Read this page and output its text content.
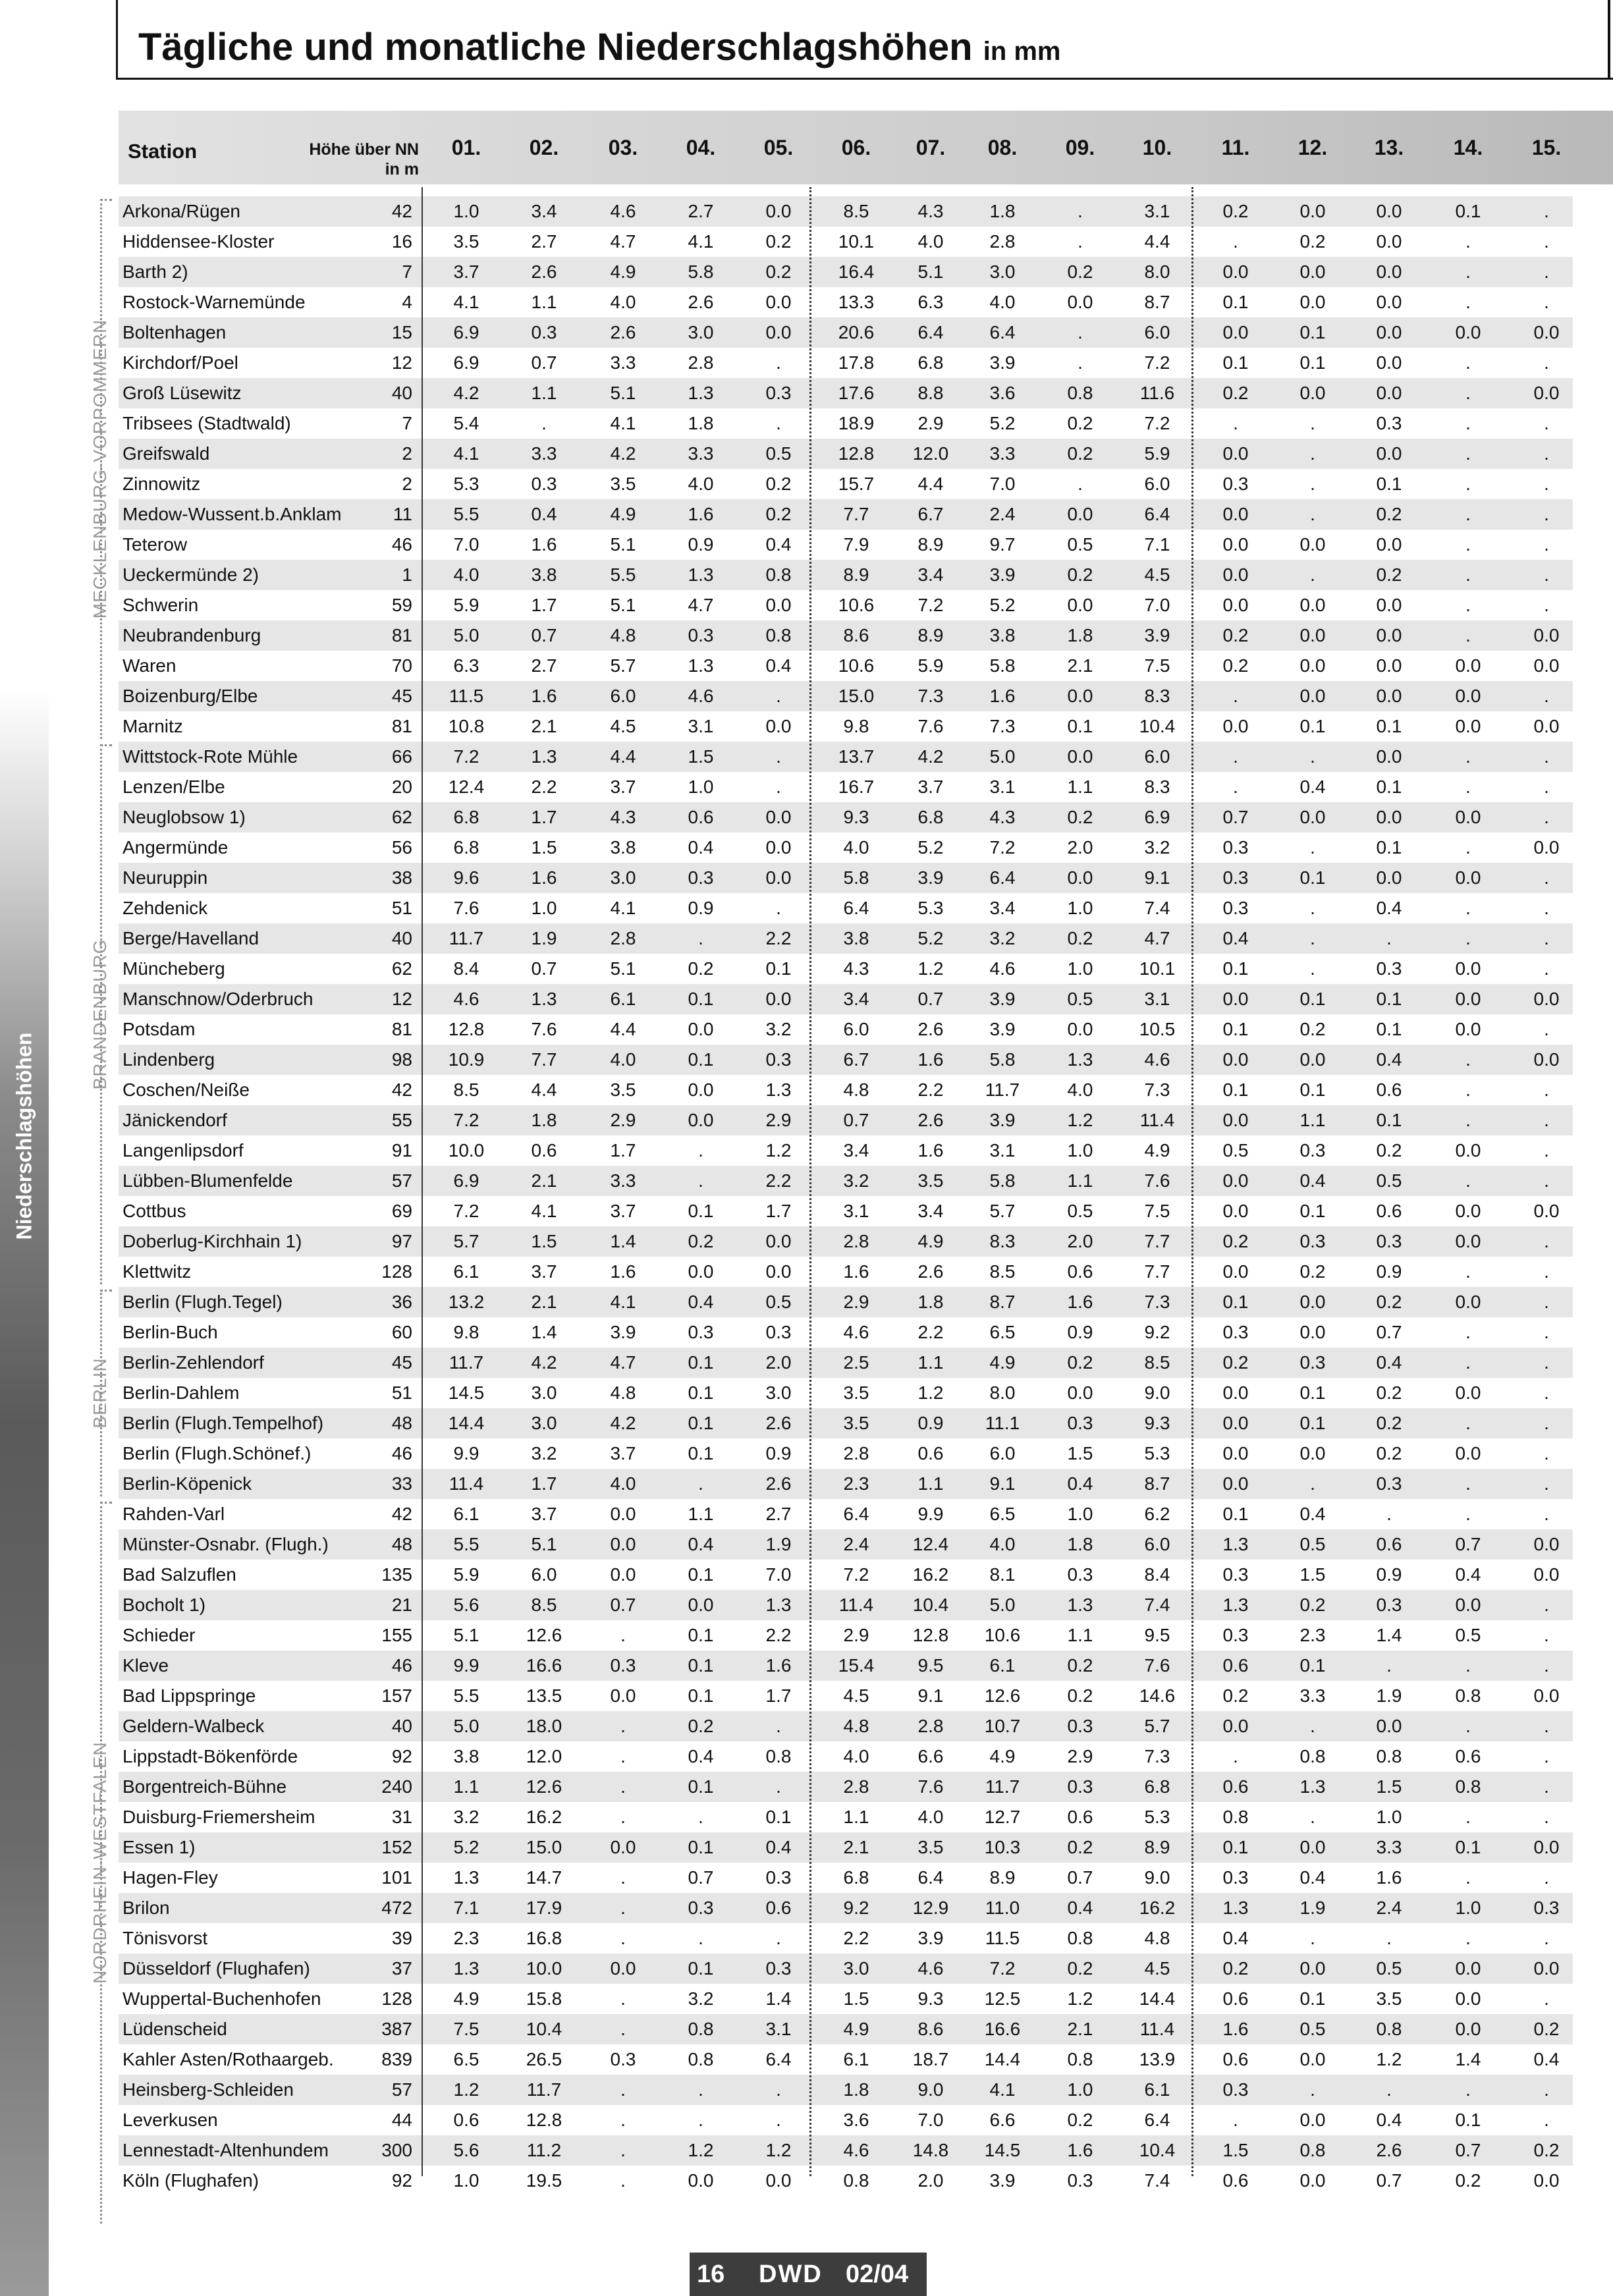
Niederschlagshöhen
Tägliche und monatliche Niederschlagshöhen in mm
Station	Höhe über NN
in m
01.	02.	03.	04.	05.	06.	07.	08.	09.	10.	11.	12.	13.	14.	15.
Arkona/Rügen	42	1.0	3.4	4.6	2.7	0.0	8.5	4.3	1.8	.	3.1	0.2	0.0	0.0	0.1	.
Hiddensee-Kloster	16	3.5	2.7	4.7	4.1	0.2	10.1	4.0	2.8	.	4.4	.	0.2	0.0	.	.
Barth 2)	7	3.7	2.6	4.9	5.8	0.2	16.4	5.1	3.0	0.2	8.0	0.0	0.0	0.0	.	.
Rostock-Warnemünde	4	4.1	1.1	4.0	2.6	0.0	13.3	6.3	4.0	0.0	8.7	0.1	0.0	0.0	.	.
Boltenhagen	15	6.9	0.3	2.6	3.0	0.0	20.6	6.4	6.4	.	6.0	0.0	0.1	0.0	0.0	0.0
Kirchdorf/Poel	12	6.9	0.7	3.3	2.8	.	17.8	6.8	3.9	.	7.2	0.1	0.1	0.0	.	.
Groß Lüsewitz	40	4.2	1.1	5.1	1.3	0.3	17.6	8.8	3.6	0.8	11.6	0.2	0.0	0.0	.	0.0
Tribsees (Stadtwald)	7	5.4	.	4.1	1.8	.	18.9	2.9	5.2	0.2	7.2	.	.	0.3	.	.
Greifswald	2	4.1	3.3	4.2	3.3	0.5	12.8	12.0	3.3	0.2	5.9	0.0	.	0.0	.	.
Zinnowitz	2	5.3	0.3	3.5	4.0	0.2	15.7	4.4	7.0	.	6.0	0.3	.	0.1	.	.
Medow-Wussent.b.Anklam	11	5.5	0.4	4.9	1.6	0.2	7.7	6.7	2.4	0.0	6.4	0.0	.	0.2	.	.
Teterow	46	7.0	1.6	5.1	0.9	0.4	7.9	8.9	9.7	0.5	7.1	0.0	0.0	0.0	.	.
Ueckermünde 2)	1	4.0	3.8	5.5	1.3	0.8	8.9	3.4	3.9	0.2	4.5	0.0	.	0.2	.	.
Schwerin	59	5.9	1.7	5.1	4.7	0.0	10.6	7.2	5.2	0.0	7.0	0.0	0.0	0.0	.	.
Neubrandenburg	81	5.0	0.7	4.8	0.3	0.8	8.6	8.9	3.8	1.8	3.9	0.2	0.0	0.0	.	0.0
Waren	70	6.3	2.7	5.7	1.3	0.4	10.6	5.9	5.8	2.1	7.5	0.2	0.0	0.0	0.0	0.0
Boizenburg/Elbe	45	11.5	1.6	6.0	4.6	.	15.0	7.3	1.6	0.0	8.3	.	0.0	0.0	0.0	.
Marnitz	81	10.8	2.1	4.5	3.1	0.0	9.8	7.6	7.3	0.1	10.4	0.0	0.1	0.1	0.0	0.0
Wittstock-Rote Mühle	66	7.2	1.3	4.4	1.5	.	13.7	4.2	5.0	0.0	6.0	.	.	0.0	.	.
Lenzen/Elbe	20	12.4	2.2	3.7	1.0	.	16.7	3.7	3.1	1.1	8.3	.	0.4	0.1	.	.
Neuglobsow 1)	62	6.8	1.7	4.3	0.6	0.0	9.3	6.8	4.3	0.2	6.9	0.7	0.0	0.0	0.0	.
Angermünde	56	6.8	1.5	3.8	0.4	0.0	4.0	5.2	7.2	2.0	3.2	0.3	.	0.1	.	0.0
Neuruppin	38	9.6	1.6	3.0	0.3	0.0	5.8	3.9	6.4	0.0	9.1	0.3	0.1	0.0	0.0	.
Zehdenick	51	7.6	1.0	4.1	0.9	.	6.4	5.3	3.4	1.0	7.4	0.3	.	0.4	.	.
Berge/Havelland	40	11.7	1.9	2.8	.	2.2	3.8	5.2	3.2	0.2	4.7	0.4	.	.	.	.
Müncheberg	62	8.4	0.7	5.1	0.2	0.1	4.3	1.2	4.6	1.0	10.1	0.1	.	0.3	0.0	.
Manschnow/Oderbruch	12	4.6	1.3	6.1	0.1	0.0	3.4	0.7	3.9	0.5	3.1	0.0	0.1	0.1	0.0	0.0
Potsdam	81	12.8	7.6	4.4	0.0	3.2	6.0	2.6	3.9	0.0	10.5	0.1	0.2	0.1	0.0	.
Lindenberg	98	10.9	7.7	4.0	0.1	0.3	6.7	1.6	5.8	1.3	4.6	0.0	0.0	0.4	.	0.0
Coschen/Neiße	42	8.5	4.4	3.5	0.0	1.3	4.8	2.2	11.7	4.0	7.3	0.1	0.1	0.6	.	.
Jänickendorf	55	7.2	1.8	2.9	0.0	2.9	0.7	2.6	3.9	1.2	11.4	0.0	1.1	0.1	.	.
Langenlipsdorf	91	10.0	0.6	1.7	.	1.2	3.4	1.6	3.1	1.0	4.9	0.5	0.3	0.2	0.0	.
Lübben-Blumenfelde	57	6.9	2.1	3.3	.	2.2	3.2	3.5	5.8	1.1	7.6	0.0	0.4	0.5	.	.
Cottbus	69	7.2	4.1	3.7	0.1	1.7	3.1	3.4	5.7	0.5	7.5	0.0	0.1	0.6	0.0	0.0
Doberlug-Kirchhain 1)	97	5.7	1.5	1.4	0.2	0.0	2.8	4.9	8.3	2.0	7.7	0.2	0.3	0.3	0.0	.
Klettwitz	128	6.1	3.7	1.6	0.0	0.0	1.6	2.6	8.5	0.6	7.7	0.0	0.2	0.9	.	.
Berlin (Flugh.Tegel)	36	13.2	2.1	4.1	0.4	0.5	2.9	1.8	8.7	1.6	7.3	0.1	0.0	0.2	0.0	.
Berlin-Buch	60	9.8	1.4	3.9	0.3	0.3	4.6	2.2	6.5	0.9	9.2	0.3	0.0	0.7	.	.
Berlin-Zehlendorf	45	11.7	4.2	4.7	0.1	2.0	2.5	1.1	4.9	0.2	8.5	0.2	0.3	0.4	.	.
Berlin-Dahlem	51	14.5	3.0	4.8	0.1	3.0	3.5	1.2	8.0	0.0	9.0	0.0	0.1	0.2	0.0	.
Berlin (Flugh.Tempelhof)	48	14.4	3.0	4.2	0.1	2.6	3.5	0.9	11.1	0.3	9.3	0.0	0.1	0.2	.	.
Berlin (Flugh.Schönef.)	46	9.9	3.2	3.7	0.1	0.9	2.8	0.6	6.0	1.5	5.3	0.0	0.0	0.2	0.0	.
Berlin-Köpenick	33	11.4	1.7	4.0	.	2.6	2.3	1.1	9.1	0.4	8.7	0.0	.	0.3	.	.
Rahden-Varl	42	6.1	3.7	0.0	1.1	2.7	6.4	9.9	6.5	1.0	6.2	0.1	0.4	.	.	.
Münster-Osnabr. (Flugh.)	48	5.5	5.1	0.0	0.4	1.9	2.4	12.4	4.0	1.8	6.0	1.3	0.5	0.6	0.7	0.0
Bad Salzuflen	135	5.9	6.0	0.0	0.1	7.0	7.2	16.2	8.1	0.3	8.4	0.3	1.5	0.9	0.4	0.0
Bocholt 1)	21	5.6	8.5	0.7	0.0	1.3	11.4	10.4	5.0	1.3	7.4	1.3	0.2	0.3	0.0	.
Schieder	155	5.1	12.6	.	0.1	2.2	2.9	12.8	10.6	1.1	9.5	0.3	2.3	1.4	0.5	.
Kleve	46	9.9	16.6	0.3	0.1	1.6	15.4	9.5	6.1	0.2	7.6	0.6	0.1	.	.	.
Bad Lippspringe	157	5.5	13.5	0.0	0.1	1.7	4.5	9.1	12.6	0.2	14.6	0.2	3.3	1.9	0.8	0.0
Geldern-Walbeck	40	5.0	18.0	.	0.2	.	4.8	2.8	10.7	0.3	5.7	0.0	.	0.0	.	.
Lippstadt-Bökenförde	92	3.8	12.0	.	0.4	0.8	4.0	6.6	4.9	2.9	7.3	.	0.8	0.8	0.6	.
Borgentreich-Bühne	240	1.1	12.6	.	0.1	.	2.8	7.6	11.7	0.3	6.8	0.6	1.3	1.5	0.8	.
Duisburg-Friemersheim	31	3.2	16.2	.	.	0.1	1.1	4.0	12.7	0.6	5.3	0.8	.	1.0	.	.
Essen 1)	152	5.2	15.0	0.0	0.1	0.4	2.1	3.5	10.3	0.2	8.9	0.1	0.0	3.3	0.1	0.0
Hagen-Fley	101	1.3	14.7	.	0.7	0.3	6.8	6.4	8.9	0.7	9.0	0.3	0.4	1.6	.	.
Brilon	472	7.1	17.9	.	0.3	0.6	9.2	12.9	11.0	0.4	16.2	1.3	1.9	2.4	1.0	0.3
Tönisvorst	39	2.3	16.8	.	.	.	2.2	3.9	11.5	0.8	4.8	0.4	.	.	.	.
Düsseldorf (Flughafen)	37	1.3	10.0	0.0	0.1	0.3	3.0	4.6	7.2	0.2	4.5	0.2	0.0	0.5	0.0	0.0
Wuppertal-Buchenhofen	128	4.9	15.8	.	3.2	1.4	1.5	9.3	12.5	1.2	14.4	0.6	0.1	3.5	0.0	.
Lüdenscheid	387	7.5	10.4	.	0.8	3.1	4.9	8.6	16.6	2.1	11.4	1.6	0.5	0.8	0.0	0.2
Kahler Asten/Rothaargeb.	839	6.5	26.5	0.3	0.8	6.4	6.1	18.7	14.4	0.8	13.9	0.6	0.0	1.2	1.4	0.4
Heinsberg-Schleiden	57	1.2	11.7	.	.	.	1.8	9.0	4.1	1.0	6.1	0.3	.	.	.	.
Leverkusen	44	0.6	12.8	.	.	.	3.6	7.0	6.6	0.2	6.4	.	0.0	0.4	0.1	.
Lennestadt-Altenhundem	300	5.6	11.2	.	1.2	1.2	4.6	14.8	14.5	1.6	10.4	1.5	0.8	2.6	0.7	0.2
Köln (Flughafen)	92	1.0	19.5	.	0.0	0.0	0.8	2.0	3.9	0.3	7.4	0.6	0.0	0.7	0.2	0.0
MECKLENBURG-VORPOMMERN
BRANDENBURG
BERLIN
NORDRHEIN-WESTFALEN
16 DWD 02/04
